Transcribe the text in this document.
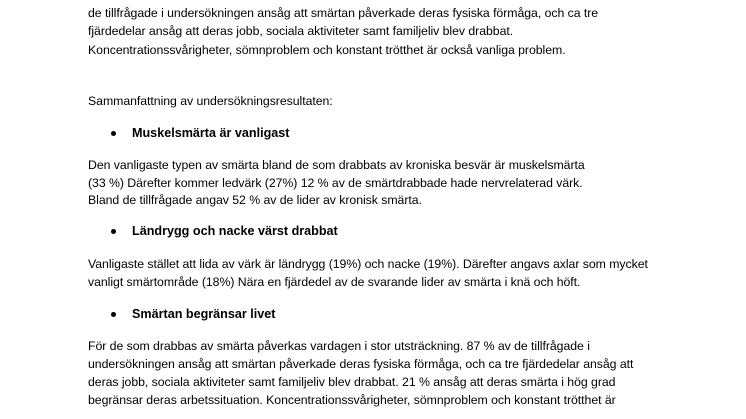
de tillfrågade i undersökningen ansåg att smärtan påverkade deras fysiska förmåga, och ca tre
fjärdedelar ansåg att deras jobb, sociala aktiviteter samt familjeliv blev drabbat.
Koncentrationssvårigheter, sömnproblem och konstant trötthet är också vanliga problem.
Sammanfattning av undersökningsresultaten:
Muskelsmärta är vanligast
Den vanligaste typen av smärta bland de som drabbats av kroniska besvär är muskelsmärta
(33 %) Därefter kommer ledvärk (27%) 12 % av de smärtdrabbade hade nervrelaterad värk.
Bland de tillfrågade angav 52 % av de lider av kronisk smärta.
Ländrygg och nacke värst drabbat
Vanligaste stället att lida av värk är ländrygg (19%) och nacke (19%). Därefter angavs axlar som mycket
vanligt smärtområde (18%) Nära en fjärdedel av de svarande lider av smärta i knä och höft.
Smärtan begränsar livet
För de som drabbas av smärta påverkas vardagen i stor utsträckning. 87 % av de tillfrågade i
undersökningen ansåg att smärtan påverkade deras fysiska förmåga, och ca tre fjärdedelar ansåg att
deras jobb, sociala aktiviteter samt familjeliv blev drabbat. 21 % ansåg att deras smärta i hög grad
begränsar deras arbetssituation. Koncentrationssvårigheter, sömnproblem och konstant trötthet är
